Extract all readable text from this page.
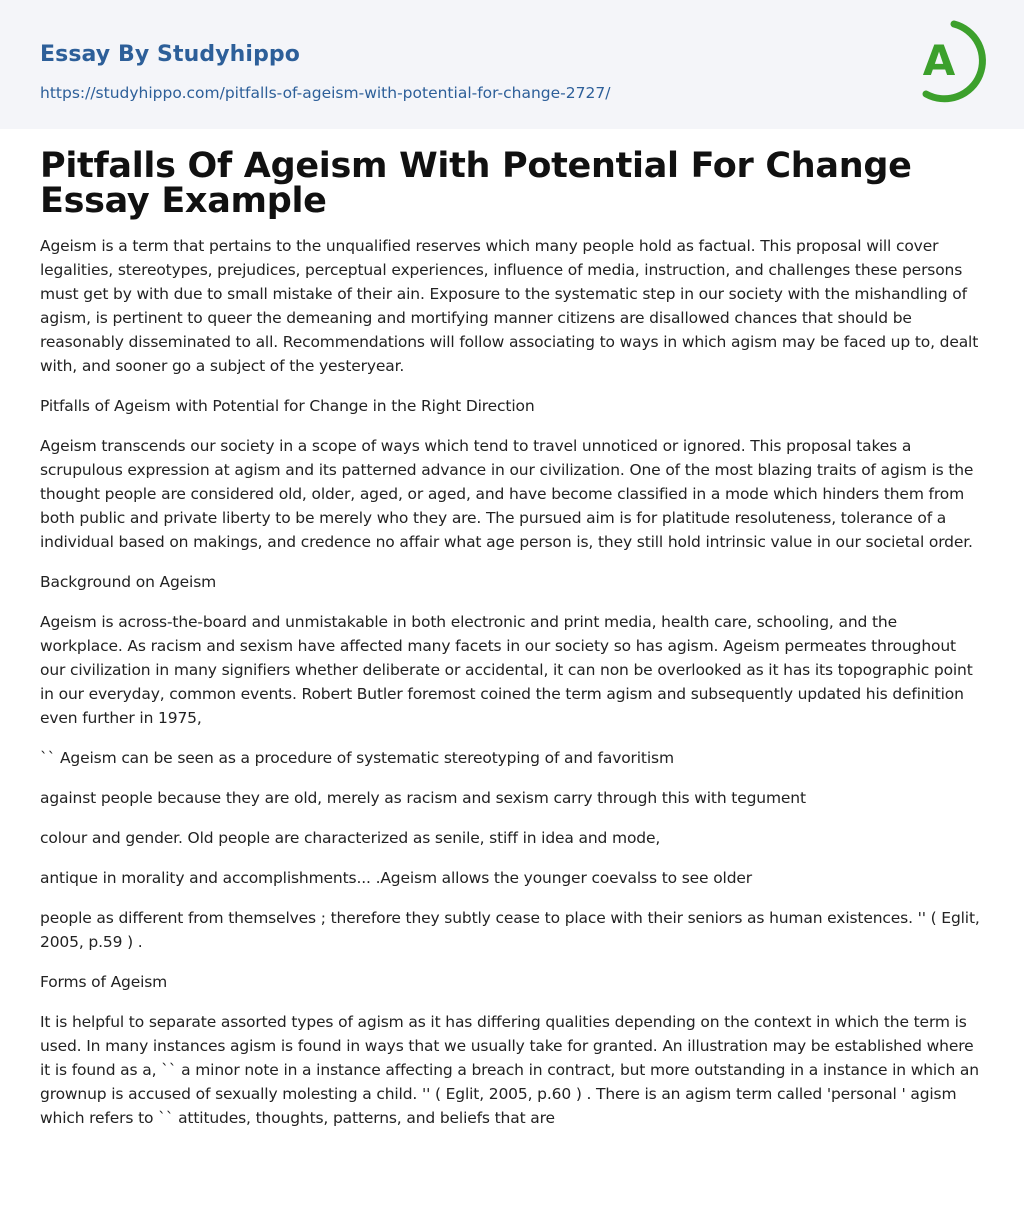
Essay By Studyhippo
https://studyhippo.com/pitfalls-of-ageism-with-potential-for-change-2727/
A
Pitfalls Of Ageism With Potential For Change Essay Example

Ageism is a term that pertains to the unqualified reserves which many people hold as factual. This proposal will cover legalities, stereotypes, prejudices, perceptual experiences, influence of media, instruction, and challenges these persons must get by with due to small mistake of their ain. Exposure to the systematic step in our society with the mishandling of agism, is pertinent to queer the demeaning and mortifying manner citizens are disallowed chances that should be reasonably disseminated to all. Recommendations will follow associating to ways in which agism may be faced up to, dealt with, and sooner go a subject of the yesteryear.

Pitfalls of Ageism with Potential for Change in the Right Direction

Ageism transcends our society in a scope of ways which tend to travel unnoticed or ignored. This proposal takes a scrupulous expression at agism and its patterned advance in our civilization. One of the most blazing traits of agism is the thought people are considered old, older, aged, or aged, and have become classified in a mode which hinders them from both public and private liberty to be merely who they are. The pursued aim is for platitude resoluteness, tolerance of a individual based on makings, and credence no affair what age person is, they still hold intrinsic value in our societal order.

Background on Ageism

Ageism is across-the-board and unmistakable in both electronic and print media, health care, schooling, and the workplace. As racism and sexism have affected many facets in our society so has agism. Ageism permeates throughout our civilization in many signifiers whether deliberate or accidental, it can non be overlooked as it has its topographic point in our everyday, common events. Robert Butler foremost coined the term agism and subsequently updated his definition even further in 1975,

`` Ageism can be seen as a procedure of systematic stereotyping of and favoritism

against people because they are old, merely as racism and sexism carry through this with tegument

colour and gender. Old people are characterized as senile, stiff in idea and mode,

antique in morality and accomplishments... .Ageism allows the younger coevalss to see older

people as different from themselves ; therefore they subtly cease to place with their seniors as human existences. '' ( Eglit, 2005, p.59 ) .

Forms of Ageism

It is helpful to separate assorted types of agism as it has differing qualities depending on the context in which the term is used. In many instances agism is found in ways that we usually take for granted. An illustration may be established where it is found as a, `` a minor note in a instance affecting a breach in contract, but more outstanding in a instance in which an grownup is accused of sexually molesting a child. '' ( Eglit, 2005, p.60 ) . There is an agism term called 'personal ' agism which refers to `` attitudes, thoughts, patterns, and beliefs that are
